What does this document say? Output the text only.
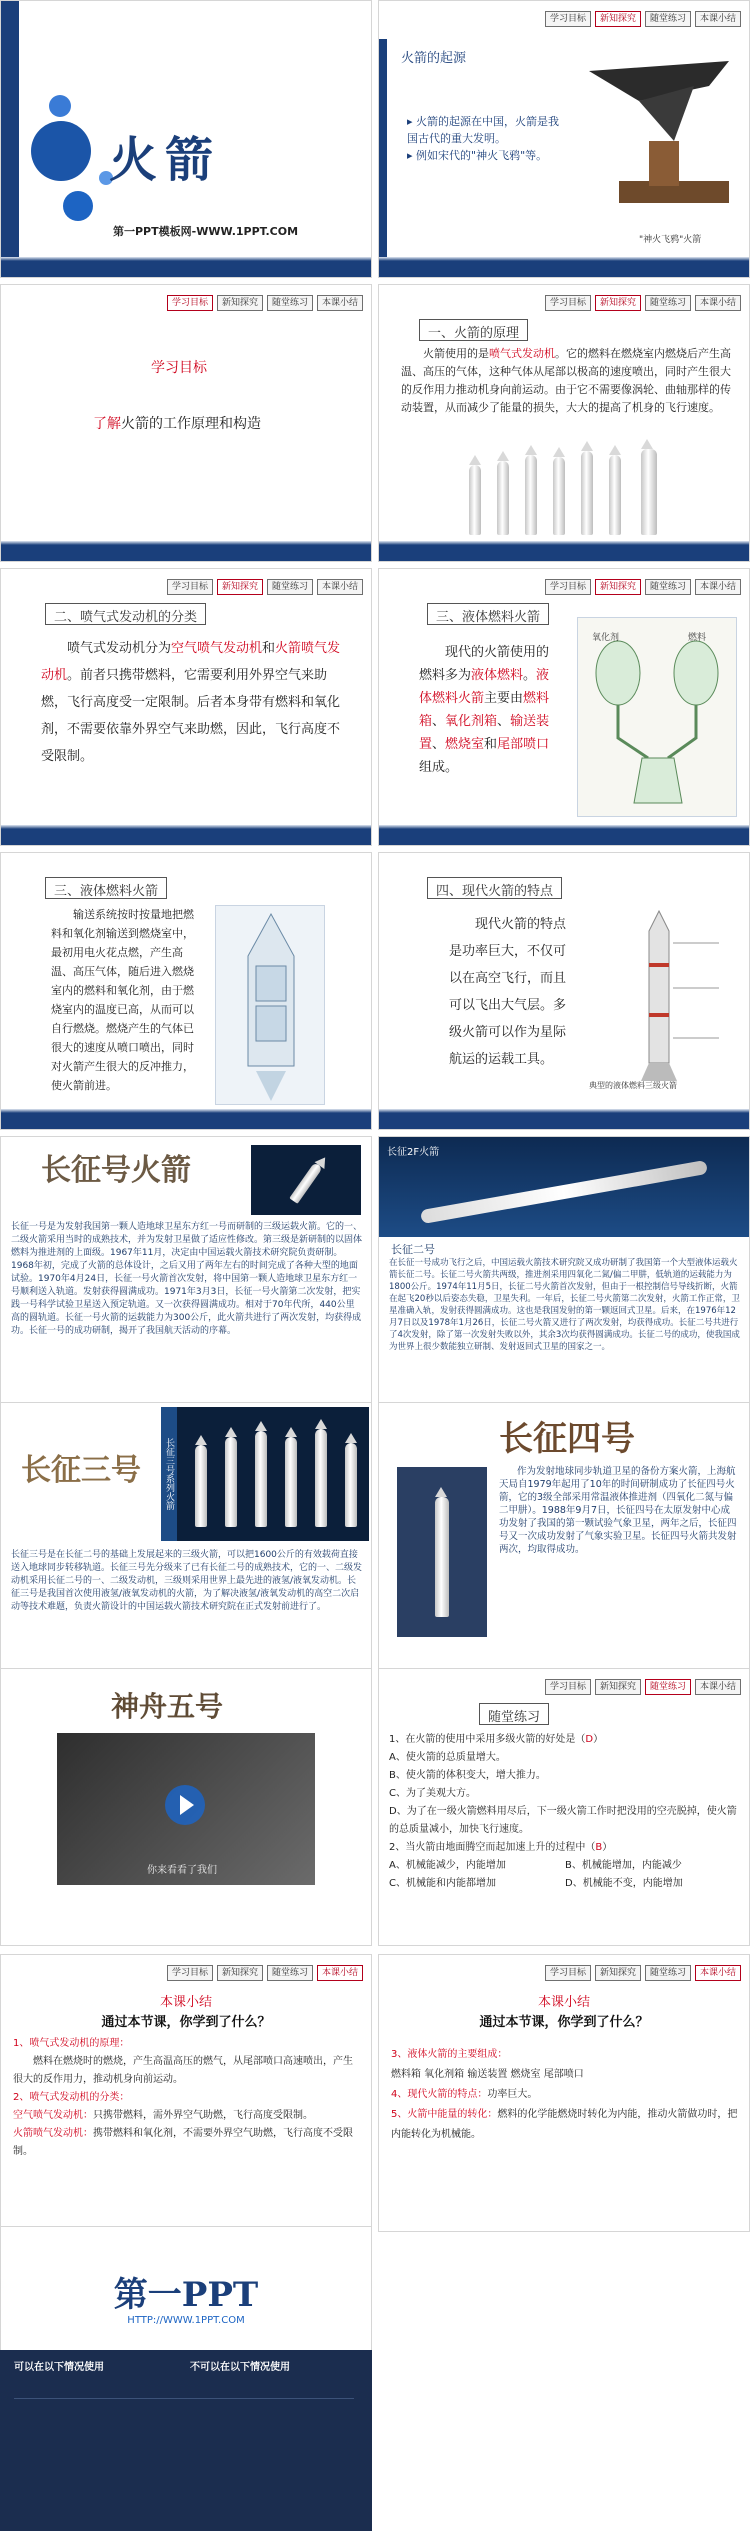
火箭
第一PPT模板网-WWW.1PPT.COM
学习目标	新知探究	随堂练习	本课小结
火箭的起源
▸ 火箭的起源在中国，火箭是我国古代的重大发明。
▸ 例如宋代的"神火飞鸦"等。
"神火飞鸦"火箭
学习目标	新知探究	随堂练习	本课小结
学习目标
了解火箭的工作原理和构造
学习目标	新知探究	随堂练习	本课小结
一、火箭的原理
火箭使用的是喷气式发动机。它的燃料在燃烧室内燃烧后产生高温、高压的气体，这种气体从尾部以极高的速度喷出，同时产生很大的反作用力推动机身向前运动。由于它不需要像涡轮、曲轴那样的传动装置，从而减少了能量的损失，大大的提高了机身的飞行速度。
学习目标	新知探究	随堂练习	本课小结
二、喷气式发动机的分类
喷气式发动机分为空气喷气发动机和火箭喷气发动机。前者只携带燃料，它需要利用外界空气来助燃，飞行高度受一定限制。后者本身带有燃料和氧化剂，不需要依靠外界空气来助燃，因此，飞行高度不受限制。
学习目标	新知探究	随堂练习	本课小结
三、液体燃料火箭
现代的火箭使用的燃料多为液体燃料。液体燃料火箭主要由燃料箱、氧化剂箱、输送装置、燃烧室和尾部喷口组成。
氧化剂	燃料
三、液体燃料火箭
输送系统按时按量地把燃料和氧化剂输送到燃烧室中，最初用电火花点燃，产生高温、高压气体，随后进入燃烧室内的燃料和氧化剂，由于燃烧室内的温度已高，从而可以自行燃烧。燃烧产生的气体已很大的速度从喷口喷出，同时对火箭产生很大的反冲推力，使火箭前进。
四、现代火箭的特点
现代火箭的特点是功率巨大，不仅可以在高空飞行，而且可以飞出大气层。多级火箭可以作为星际航运的运载工具。
典型的液体燃料三级火箭
长征号火箭
长征一号是为发射我国第一颗人造地球卫星东方红一号而研制的三级运载火箭。它的一、二级火箭采用当时的成熟技术，并为发射卫星做了适应性修改。第三级是新研制的以固体燃料为推进剂的上面级。1967年11月，决定由中国运载火箭技术研究院负责研制。1968年初，完成了火箭的总体设计，之后又用了两年左右的时间完成了各种大型的地面试验。1970年4月24日，长征一号火箭首次发射，将中国第一颗人造地球卫星东方红一号顺利送入轨道。发射获得圆满成功。1971年3月3日，长征一号火箭第二次发射，把实践一号科学试验卫星送入预定轨道。又一次获得圆满成功。相对于70年代所，440公里高的圆轨道。长征一号火箭的运载能力为300公斤，此火箭共进行了两次发射，均获得成功。长征一号的成功研制，揭开了我国航天活动的序幕。
长征2F火箭
长征二号
在长征一号成功飞行之后，中国运载火箭技术研究院又成功研制了我国第一个大型液体运载火箭长征二号。长征二号火箭共两级，推进剂采用四氧化二氮/偏二甲肼，低轨道的运载能力为1800公斤。1974年11月5日，长征二号火箭首次发射，但由于一根控制信号导线折断，火箭在起飞20秒以后姿态失稳，卫星失利。一年后，长征二号火箭第二次发射，火箭工作正常，卫星准确入轨，发射获得圆满成功。这也是我国发射的第一颗返回式卫星。后来，在1976年12月7日以及1978年1月26日，长征二号火箭又进行了两次发射，均获得成功。长征二号共进行了4次发射，除了第一次发射失败以外，其余3次均获得圆满成功。长征二号的成功，使我国成为世界上很少数能独立研制、发射返回式卫星的国家之一。
长征三号	长征三号系列火箭
长征三号是在长征二号的基础上发展起来的三级火箭，可以把1600公斤的有效载荷直接送入地球同步转移轨道。长征三号先分级来了已有长征二号的成熟技术，它的一、二级发动机采用长征二号的一、二级发动机，三级则采用世界上最先进的液氢/液氧发动机。长征三号是我国首次使用液氢/液氧发动机的火箭，为了解决液氢/液氧发动机的高空二次启动等技术难题，负责火箭设计的中国运载火箭技术研究院在正式发射前进行了。
长征四号
作为发射地球同步轨道卫星的备份方案火箭，上海航天局自1979年起用了10年的时间研制成功了长征四号火箭，它的3级全部采用常温液体推进剂（四氧化二氮与偏二甲肼）。1988年9月7日，长征四号在太原发射中心成功发射了我国的第一颗试验气象卫星，两年之后，长征四号又一次成功发射了气象实验卫星。长征四号火箭共发射两次，均取得成功。
神舟五号
你来看看了我们
学习目标	新知探究	随堂练习	本课小结
随堂练习
1、在火箭的使用中采用多级火箭的好处是（D）
A、使火箭的总质量增大。
B、使火箭的体积变大，增大推力。
C、为了美观大方。
D、为了在一级火箭燃料用尽后，下一级火箭工作时把没用的空壳脱掉，使火箭的总质量减小，加快飞行速度。
2、当火箭由地面腾空而起加速上升的过程中（B）
A、机械能减少，内能增加	B、机械能增加，内能减少
C、机械能和内能都增加	D、机械能不变，内能增加
学习目标	新知探究	随堂练习	本课小结
本课小结
通过本节课，你学到了什么？
1、喷气式发动机的原理：
燃料在燃烧时的燃烧，产生高温高压的燃气，从尾部喷口高速喷出，产生很大的反作用力，推动机身向前运动。
2、喷气式发动机的分类：
空气喷气发动机：只携带燃料，需外界空气助燃，飞行高度受限制。
火箭喷气发动机：携带燃料和氧化剂，不需要外界空气助燃，飞行高度不受限制。
学习目标	新知探究	随堂练习	本课小结
本课小结
通过本节课，你学到了什么？
3、液体火箭的主要组成：
燃料箱 氧化剂箱 输送装置 燃烧室 尾部喷口
4、现代火箭的特点：功率巨大。
5、火箭中能量的转化：燃料的化学能燃烧时转化为内能，推动火箭做功时，把内能转化为机械能。
第一PPT
HTTP://WWW.1PPT.COM
可以在以下情况使用	不可以在以下情况使用
